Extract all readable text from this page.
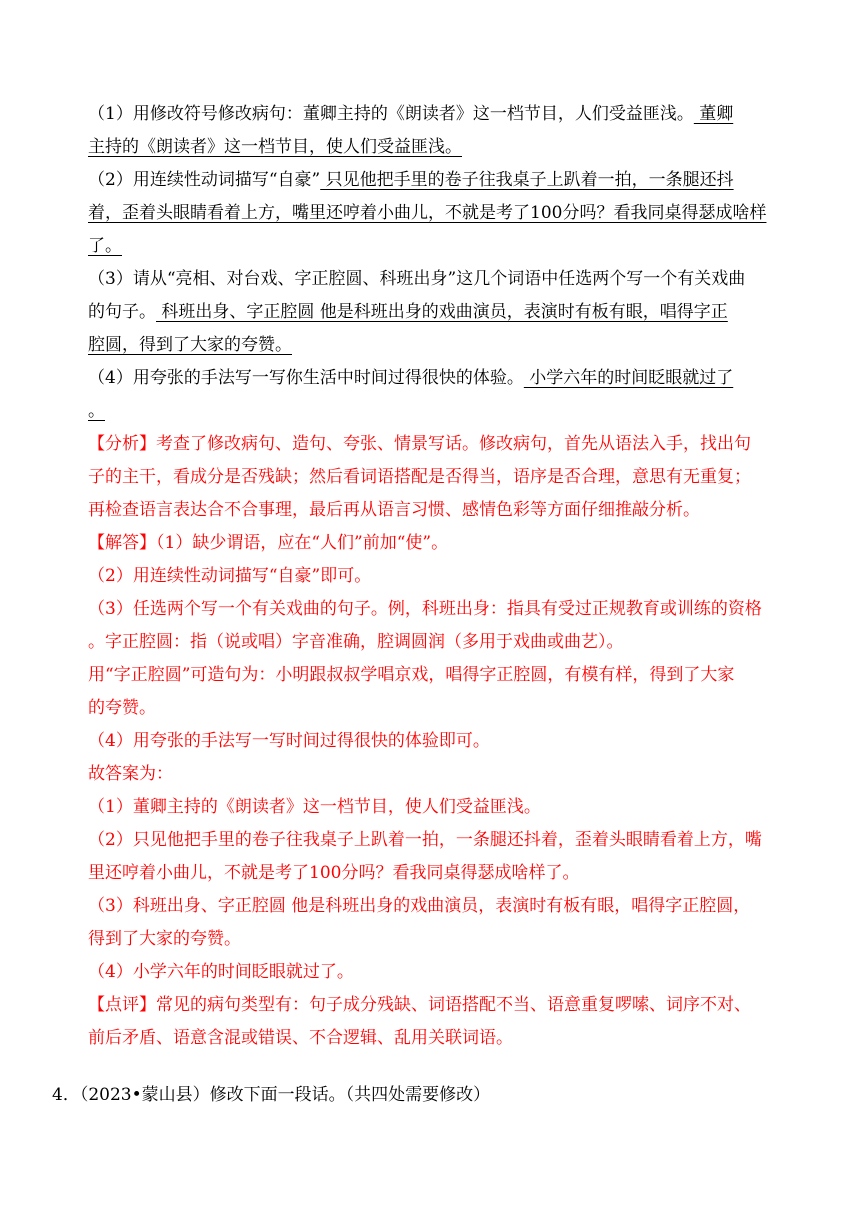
（1）用修改符号修改病句：董卿主持的《朗读者》这一档节目，人们受益匪浅。 董卿
主持的《朗读者》这一档节目，使人们受益匪浅。
（2）用连续性动词描写“自豪” 只见他把手里的卷子往我桌子上趴着一拍，一条腿还抖
着，歪着头眼睛看着上方，嘴里还哼着小曲儿，不就是考了100分吗？看我同桌得瑟成啥样
了。
（3）请从“亮相、对台戏、字正腔圆、科班出身”这几个词语中任选两个写一个有关戏曲
的句子。 科班出身、字正腔圆 他是科班出身的戏曲演员，表演时有板有眼，唱得字正
腔圆，得到了大家的夸赞。
（4）用夸张的手法写一写你生活中时间过得很快的体验。 小学六年的时间眨眼就过了
。
【分析】考查了修改病句、造句、夸张、情景写话。修改病句，首先从语法入手，找出句
子的主干，看成分是否残缺；然后看词语搭配是否得当，语序是否合理，意思有无重复；
再检查语言表达合不合事理，最后再从语言习惯、感情色彩等方面仔细推敲分析。
【解答】（1）缺少谓语，应在“人们”前加“使”。
（2）用连续性动词描写“自豪”即可。
（3）任选两个写一个有关戏曲的句子。例，科班出身：指具有受过正规教育或训练的资格
。字正腔圆：指（说或唱）字音准确，腔调圆润（多用于戏曲或曲艺）。
用“字正腔圆”可造句为：小明跟叔叔学唱京戏，唱得字正腔圆，有模有样，得到了大家
的夸赞。
（4）用夸张的手法写一写时间过得很快的体验即可。
故答案为：
（1）董卿主持的《朗读者》这一档节目，使人们受益匪浅。
（2）只见他把手里的卷子往我桌子上趴着一拍，一条腿还抖着，歪着头眼睛看着上方，嘴
里还哼着小曲儿，不就是考了100分吗？看我同桌得瑟成啥样了。
（3）科班出身、字正腔圆 他是科班出身的戏曲演员，表演时有板有眼，唱得字正腔圆，
得到了大家的夸赞。
（4）小学六年的时间眨眼就过了。
【点评】常见的病句类型有：句子成分残缺、词语搭配不当、语意重复啰嗦、词序不对、
前后矛盾、语意含混或错误、不合逻辑、乱用关联词语。
4．（2023•蒙山县）修改下面一段话。（共四处需要修改）
